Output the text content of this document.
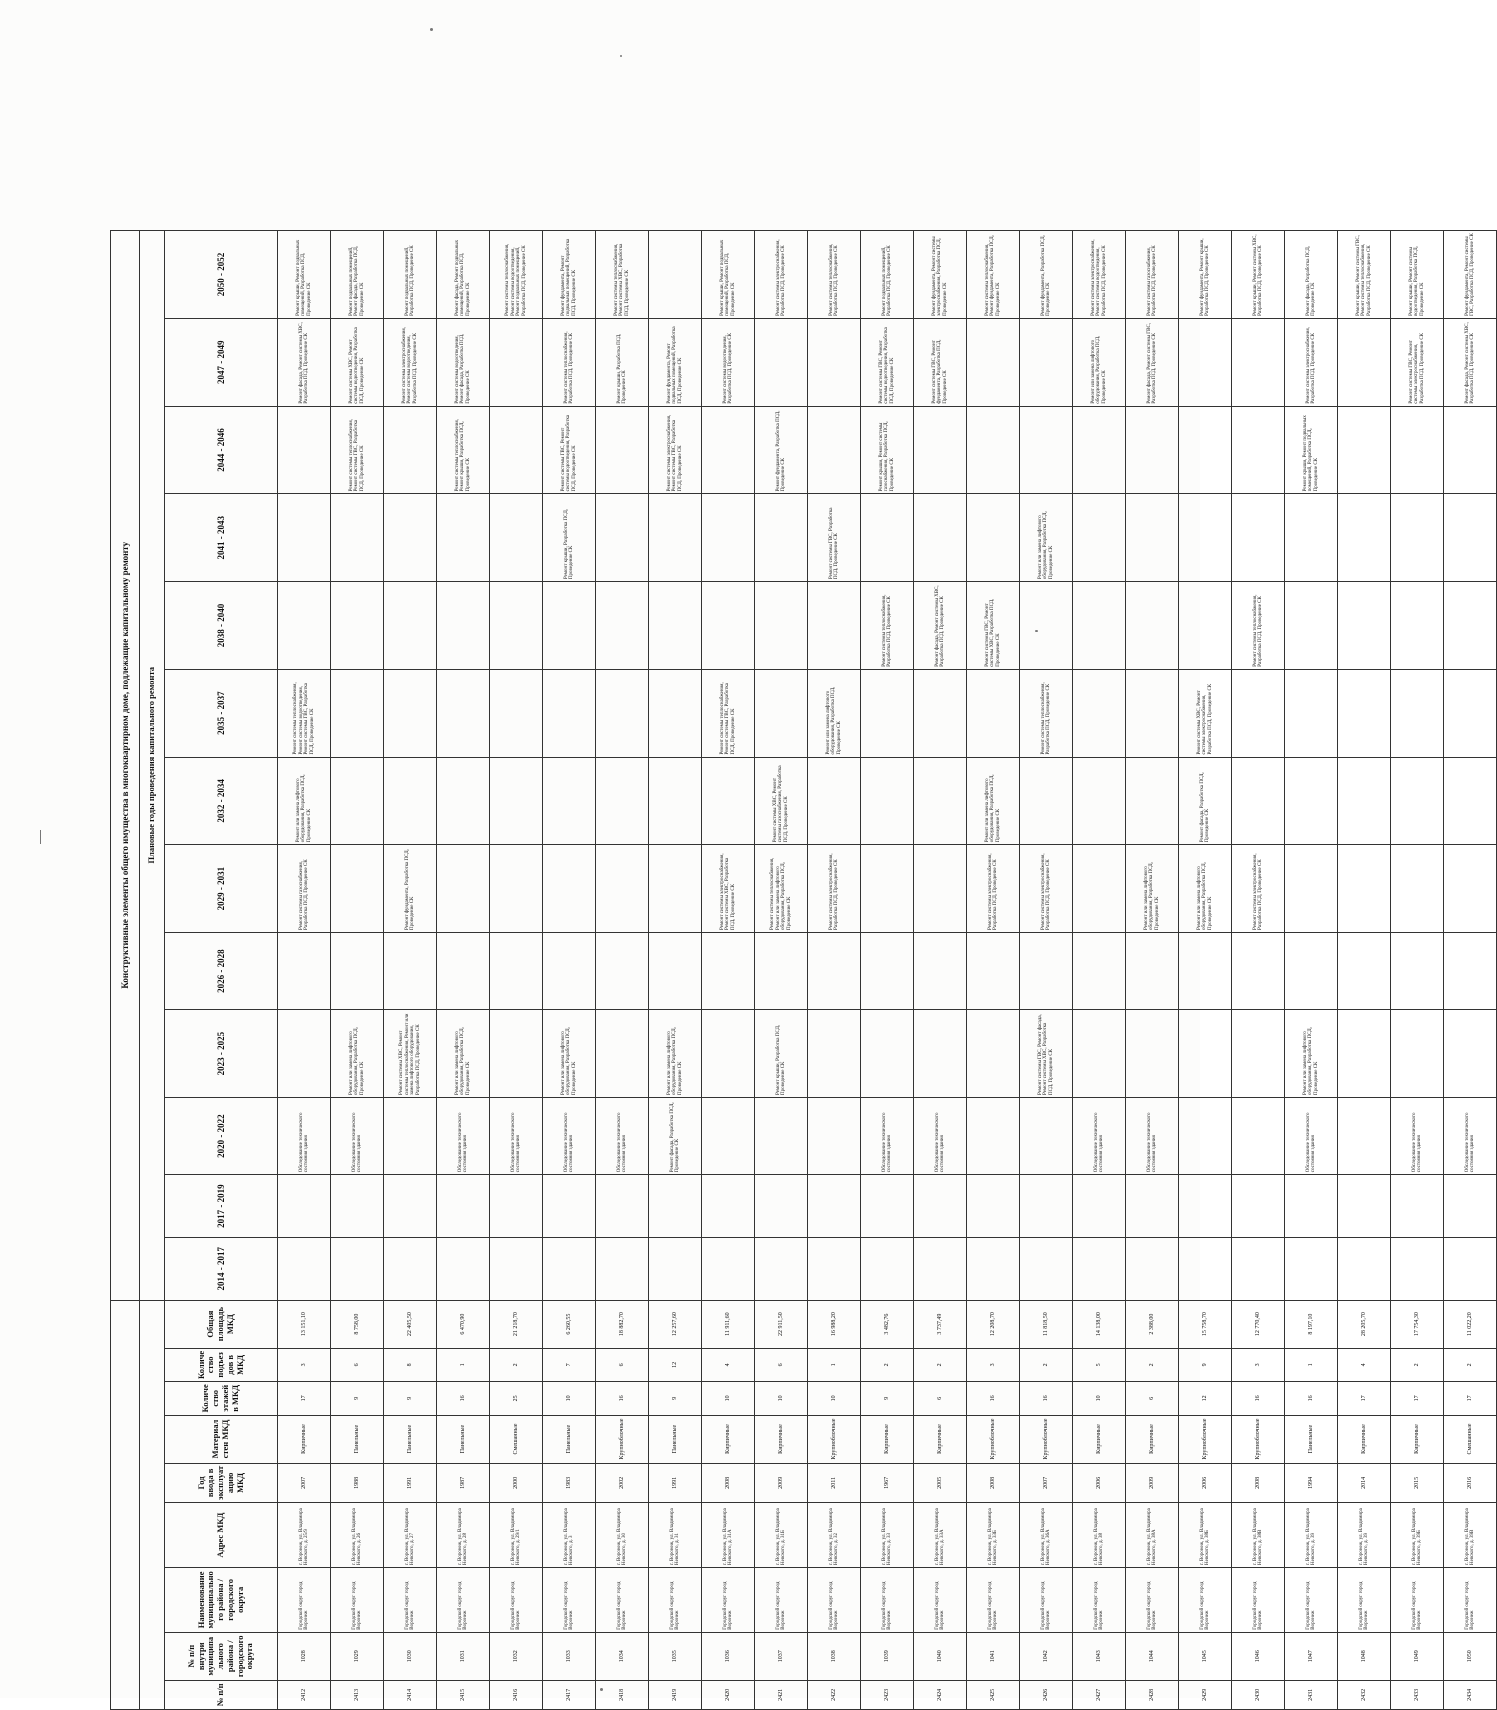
									Конструктивные элементы общего имущества в многоквартирном доме, подлежащие капитальному ремонту												
									Плановые годы проведения капитального ремонта												
№ п/п	№ п/п внутри муниципального района / городского округа	Наименование муниципального района / городского округа	Адрес МКД	Год ввода в эксплуатацию МКД	Материал стен МКД	Количество этажей в МКД	Количество подъездов в МКД	Общая площадь МКД	2014 - 2017	2017 - 2019	2020 - 2022	2023 - 2025	2026 - 2028	2029 - 2031	2032 - 2034	2035 - 2037	2038 - 2040	2041 - 2043	2044 - 2046	2047 - 2049	2050 - 2052
2412	1028	Городской округ город Воронеж	г. Воронеж, ул. Владимира Невского, д. 25/9	2007	Кирпичные	17	3	13 151,10			Обследование технического состояния здания			Ремонт системы газоснабжения, Разработка ПСД, Проведение СК	Ремонт или замена лифтового оборудования, Разработка ПСД, Проведение СК	Ремонт системы теплоснабжения, Ремонт системы водоотведения, Ремонт системы ГВС, Разработка ПСД, Проведение СК				Ремонт фасада, Ремонт системы ХВС, Разработка ПСД, Проведение СК	Ремонт крыши, Ремонт подвальных помещений, Разработка ПСД, Проведение СК
2413	1029	Городской округ город Воронеж	г. Воронеж, ул. Владимира Невского, д. 26	1988	Панельные	9	6	8 758,00			Обследование технического состояния здания	Ремонт или замена лифтового оборудования, Разработка ПСД, Проведение СК							Ремонт системы теплоснабжения, Ремонт системы ГВС, Разработка ПСД, Проведение СК	Ремонт системы ХВС, Ремонт системы водоотведения, Разработка ПСД, Проведение СК	Ремонт подвальных помещений, Ремонт фасада, Разработка ПСД, Проведение СК
2414	1030	Городской округ город Воронеж	г. Воронеж, ул. Владимира Невского, д. 27	1991	Панельные	9	8	22 405,50				Ремонт системы ХВС, Ремонт системы теплоснабжения, Ремонт или замена лифтового оборудования, Разработка ПСД, Проведение СК		Ремонт фундамента, Разработка ПСД, Проведение СК						Ремонт системы электроснабжения, Ремонт системы водоотведения, Разработка ПСД, Проведение СК	Ремонт подвальных помещений, Разработка ПСД, Проведение СК
2415	1031	Городской округ город Воронеж	г. Воронеж, ул. Владимира Невского, д. 28	1987	Панельные	16	1	6 470,90			Обследование технического состояния здания	Ремонт или замена лифтового оборудования, Разработка ПСД, Проведение СК							Ремонт системы теплоснабжения, Ремонт крыши, Разработка ПСД, Проведение СК	Ремонт системы водоотведения, Ремонт фасада, Разработка ПСД, Проведение СК	Ремонт фасада, Ремонт подвальных помещений, Разработка ПСД, Проведение СК
2416	1032	Городской округ город Воронеж	г. Воронеж, ул. Владимира Невского, д. 29/1	2000	Смешанные	25	2	21 218,70			Обследование технического состояния здания										Ремонт системы теплоснабжения, Ремонт системы водоотведения, Ремонт подвальных помещений, Разработка ПСД, Проведение СК
2417	1033	Городской округ город Воронеж	г. Воронеж, ул. Владимира Невского, д. 3	1983	Панельные	10	7	6 260,55			Обследование технического состояния здания	Ремонт или замена лифтового оборудования, Разработка ПСД, Проведение СК						Ремонт крыши, Разработка ПСД, Проведение СК	Ремонт системы ГВС, Ремонт системы водоотведения, Разработка ПСД, Проведение СК	Ремонт системы теплоснабжения, Разработка ПСД, Проведение СК	Ремонт фундамента, Ремонт подвальных помещений, Разработка ПСД, Проведение СК
2418	1034	Городской округ город Воронеж	г. Воронеж, ул. Владимира Невского, д. 30	2002	Крупноблочные	16	6	18 882,70			Обследование технического состояния здания									Ремонт крыши, Разработка ПСД, Проведение СК	Ремонт системы теплоснабжения, Ремонт системы ХВС, Разработка ПСД, Проведение СК
2419	1035	Городской округ город Воронеж	г. Воронеж, ул. Владимира Невского, д. 31	1991	Панельные	9	12	12 257,60			Ремонт фасада, Разработка ПСД, Проведение СК	Ремонт или замена лифтового оборудования, Разработка ПСД, Проведение СК							Ремонт системы электроснабжения, Ремонт системы ГВС, Разработка ПСД, Проведение СК	Ремонт фундамента, Ремонт подвальных помещений, Разработка ПСД, Проведение СК	
2420	1036	Городской округ город Воронеж	г. Воронеж, ул. Владимира Невского, д. 31А	2008	Кирпичные	10	4	11 911,60						Ремонт системы электроснабжения, Ремонт системы ХВС, Разработка ПСД, Проведение СК		Ремонт системы теплоснабжения, Ремонт системы ГВС, Разработка ПСД, Проведение СК				Ремонт системы водоотведения, Разработка ПСД, Проведение СК	Ремонт крыши, Ремонт подвальных помещений, Разработка ПСД, Проведение СК
2421	1037	Городской округ город Воронеж	г. Воронеж, ул. Владимира Невского, д. 31Б	2009	Кирпичные	10	6	22 911,50				Ремонт крыши, Разработка ПСД, Проведение СК		Ремонт системы теплоснабжения, Ремонт или замена лифтового оборудования, Разработка ПСД, Проведение СК	Ремонт системы ХВС, Ремонт системы газоснабжения, Разработка ПСД, Проведение СК				Ремонт фундамента, Разработка ПСД, Проведение СК		Ремонт системы электроснабжения, Разработка ПСД, Проведение СК
2422	1038	Городской округ город Воронеж	г. Воронеж, ул. Владимира Невского, д. 32	2011	Крупноблочные	10	1	16 988,20						Ремонт системы электроснабжения, Разработка ПСД, Проведение СК		Ремонт или замена лифтового оборудования, Разработка ПСД, Проведение СК		Ремонт системы ГВС, Разработка ПСД, Проведение СК			Ремонт системы теплоснабжения, Разработка ПСД, Проведение СК
2423	1039	Городской округ город Воронеж	г. Воронеж, ул. Владимира Невского, д. 33	1967	Кирпичные	9	2	3 482,76			Обследование технического состояния здания						Ремонт системы теплоснабжения, Разработка ПСД, Проведение СК		Ремонт крыши, Ремонт системы газоснабжения, Разработка ПСД, Проведение СК	Ремонт системы ГВС, Ремонт системы водоотведения, Разработка ПСД, Проведение СК	Ремонт подвальных помещений, Разработка ПСД, Проведение СК
2424	1040	Городской округ город Воронеж	г. Воронеж, ул. Владимира Невского, д. 33А	2005	Кирпичные	6	2	3 737,49			Обследование технического состояния здания						Ремонт фасада, Ремонт системы ХВС, Разработка ПСД, Проведение СК			Ремонт системы ГВС, Ремонт фундамента, Разработка ПСД, Проведение СК	Ремонт фундамента, Ремонт системы электроснабжения, Разработка ПСД, Проведение СК
2425	1041	Городской округ город Воронеж	г. Воронеж, ул. Владимира Невского, д. 33Б	2008	Крупноблочные	16	3	12 208,70						Ремонт системы электроснабжения, Разработка ПСД, Проведение СК	Ремонт или замена лифтового оборудования, Разработка ПСД, Проведение СК		Ремонт системы ГВС, Ремонт системы ХВС, Разработка ПСД, Проведение СК				Ремонт системы теплоснабжения, Ремонт фундамента, Разработка ПСД, Проведение СК
2426	1042	Городской округ город Воронеж	г. Воронеж, ул. Владимира Невского, д. 36А	2007	Крупноблочные	16	2	11 818,50				Ремонт системы ГВС, Ремонт фасада, Ремонт системы ХВС, Разработка ПСД, Проведение СК		Ремонт системы электроснабжения, Разработка ПСД, Проведение СК		Ремонт системы теплоснабжения, Разработка ПСД, Проведение СК		Ремонт или замена лифтового оборудования, Разработка ПСД, Проведение СК			Ремонт фундамента, Разработка ПСД, Проведение СК
2427	1043	Городской округ город Воронеж	г. Воронеж, ул. Владимира Невского, д. 38	2006	Кирпичные	10	5	14 138,00			Обследование технического состояния здания									Ремонт или замена лифтового оборудования, Разработка ПСД, Проведение СК	Ремонт системы электроснабжения, Ремонт системы водоотведения, Разработка ПСД, Проведение СК
2428	1044	Городской округ город Воронеж	г. Воронеж, ул. Владимира Невского, д. 38А	2009	Кирпичные	6	2	2 388,00			Обследование технического состояния здания			Ремонт или замена лифтового оборудования, Разработка ПСД, Проведение СК						Ремонт фасада, Ремонт системы ГВС, Разработка ПСД, Проведение СК	Ремонт системы газоснабжения, Разработка ПСД, Проведение СК
2429	1045	Городской округ город Воронеж	г. Воронеж, ул. Владимира Невского, д. 38Б	2006	Крупноблочные	12	9	15 758,70						Ремонт или замена лифтового оборудования, Разработка ПСД, Проведение СК	Ремонт фасада, Разработка ПСД, Проведение СК	Ремонт системы ХВС, Ремонт системы электроснабжения, Разработка ПСД, Проведение СК					Ремонт фундамента, Ремонт крыши, Разработка ПСД, Проведение СК
2430	1046	Городской округ город Воронеж	г. Воронеж, ул. Владимира Невского, д. 38В	2008	Крупноблочные	16	3	12 770,40						Ремонт системы электроснабжения, Разработка ПСД, Проведение СК			Ремонт системы теплоснабжения, Разработка ПСД, Проведение СК				Ремонт крыши, Ремонт системы ХВС, Разработка ПСД, Проведение СК
2431	1047	Городской округ город Воронеж	г. Воронеж, ул. Владимира Невского, д. 39	1994	Панельные	16	1	8 197,10			Обследование технического состояния здания	Ремонт или замена лифтового оборудования, Разработка ПСД, Проведение СК							Ремонт крыши, Ремонт подвальных помещений, Разработка ПСД, Проведение СК	Ремонт системы электроснабжения, Разработка ПСД, Проведение СК	Ремонт фасада, Разработка ПСД, Проведение СК
2432	1048	Городской округ город Воронеж	г. Воронеж, ул. Владимира Невского, д. 39	2014	Кирпичные	17	4	28 205,70													Ремонт крыши, Ремонт системы ГВС, Ремонт системы теплоснабжения, Разработка ПСД, Проведение СК
2433	1049	Городской округ город Воронеж	г. Воронеж, ул. Владимира Невского, д. 39Б	2015	Кирпичные	17	2	17 754,30			Обследование технического состояния здания									Ремонт системы ГВС, Ремонт системы электроснабжения, Разработка ПСД, Проведение СК	Ремонт крыши, Ремонт системы водоотведения, Разработка ПСД, Проведение СК
2434	1050	Городской округ город Воронеж	г. Воронеж, ул. Владимира Невского, д. 39В	2016	Смешанные	17	2	11 022,20			Обследование технического состояния здания									Ремонт фасада, Ремонт системы ХВС, Разработка ПСД, Проведение СК	Ремонт фундамента, Ремонт системы ГВС, Разработка ПСД, Проведение СК
